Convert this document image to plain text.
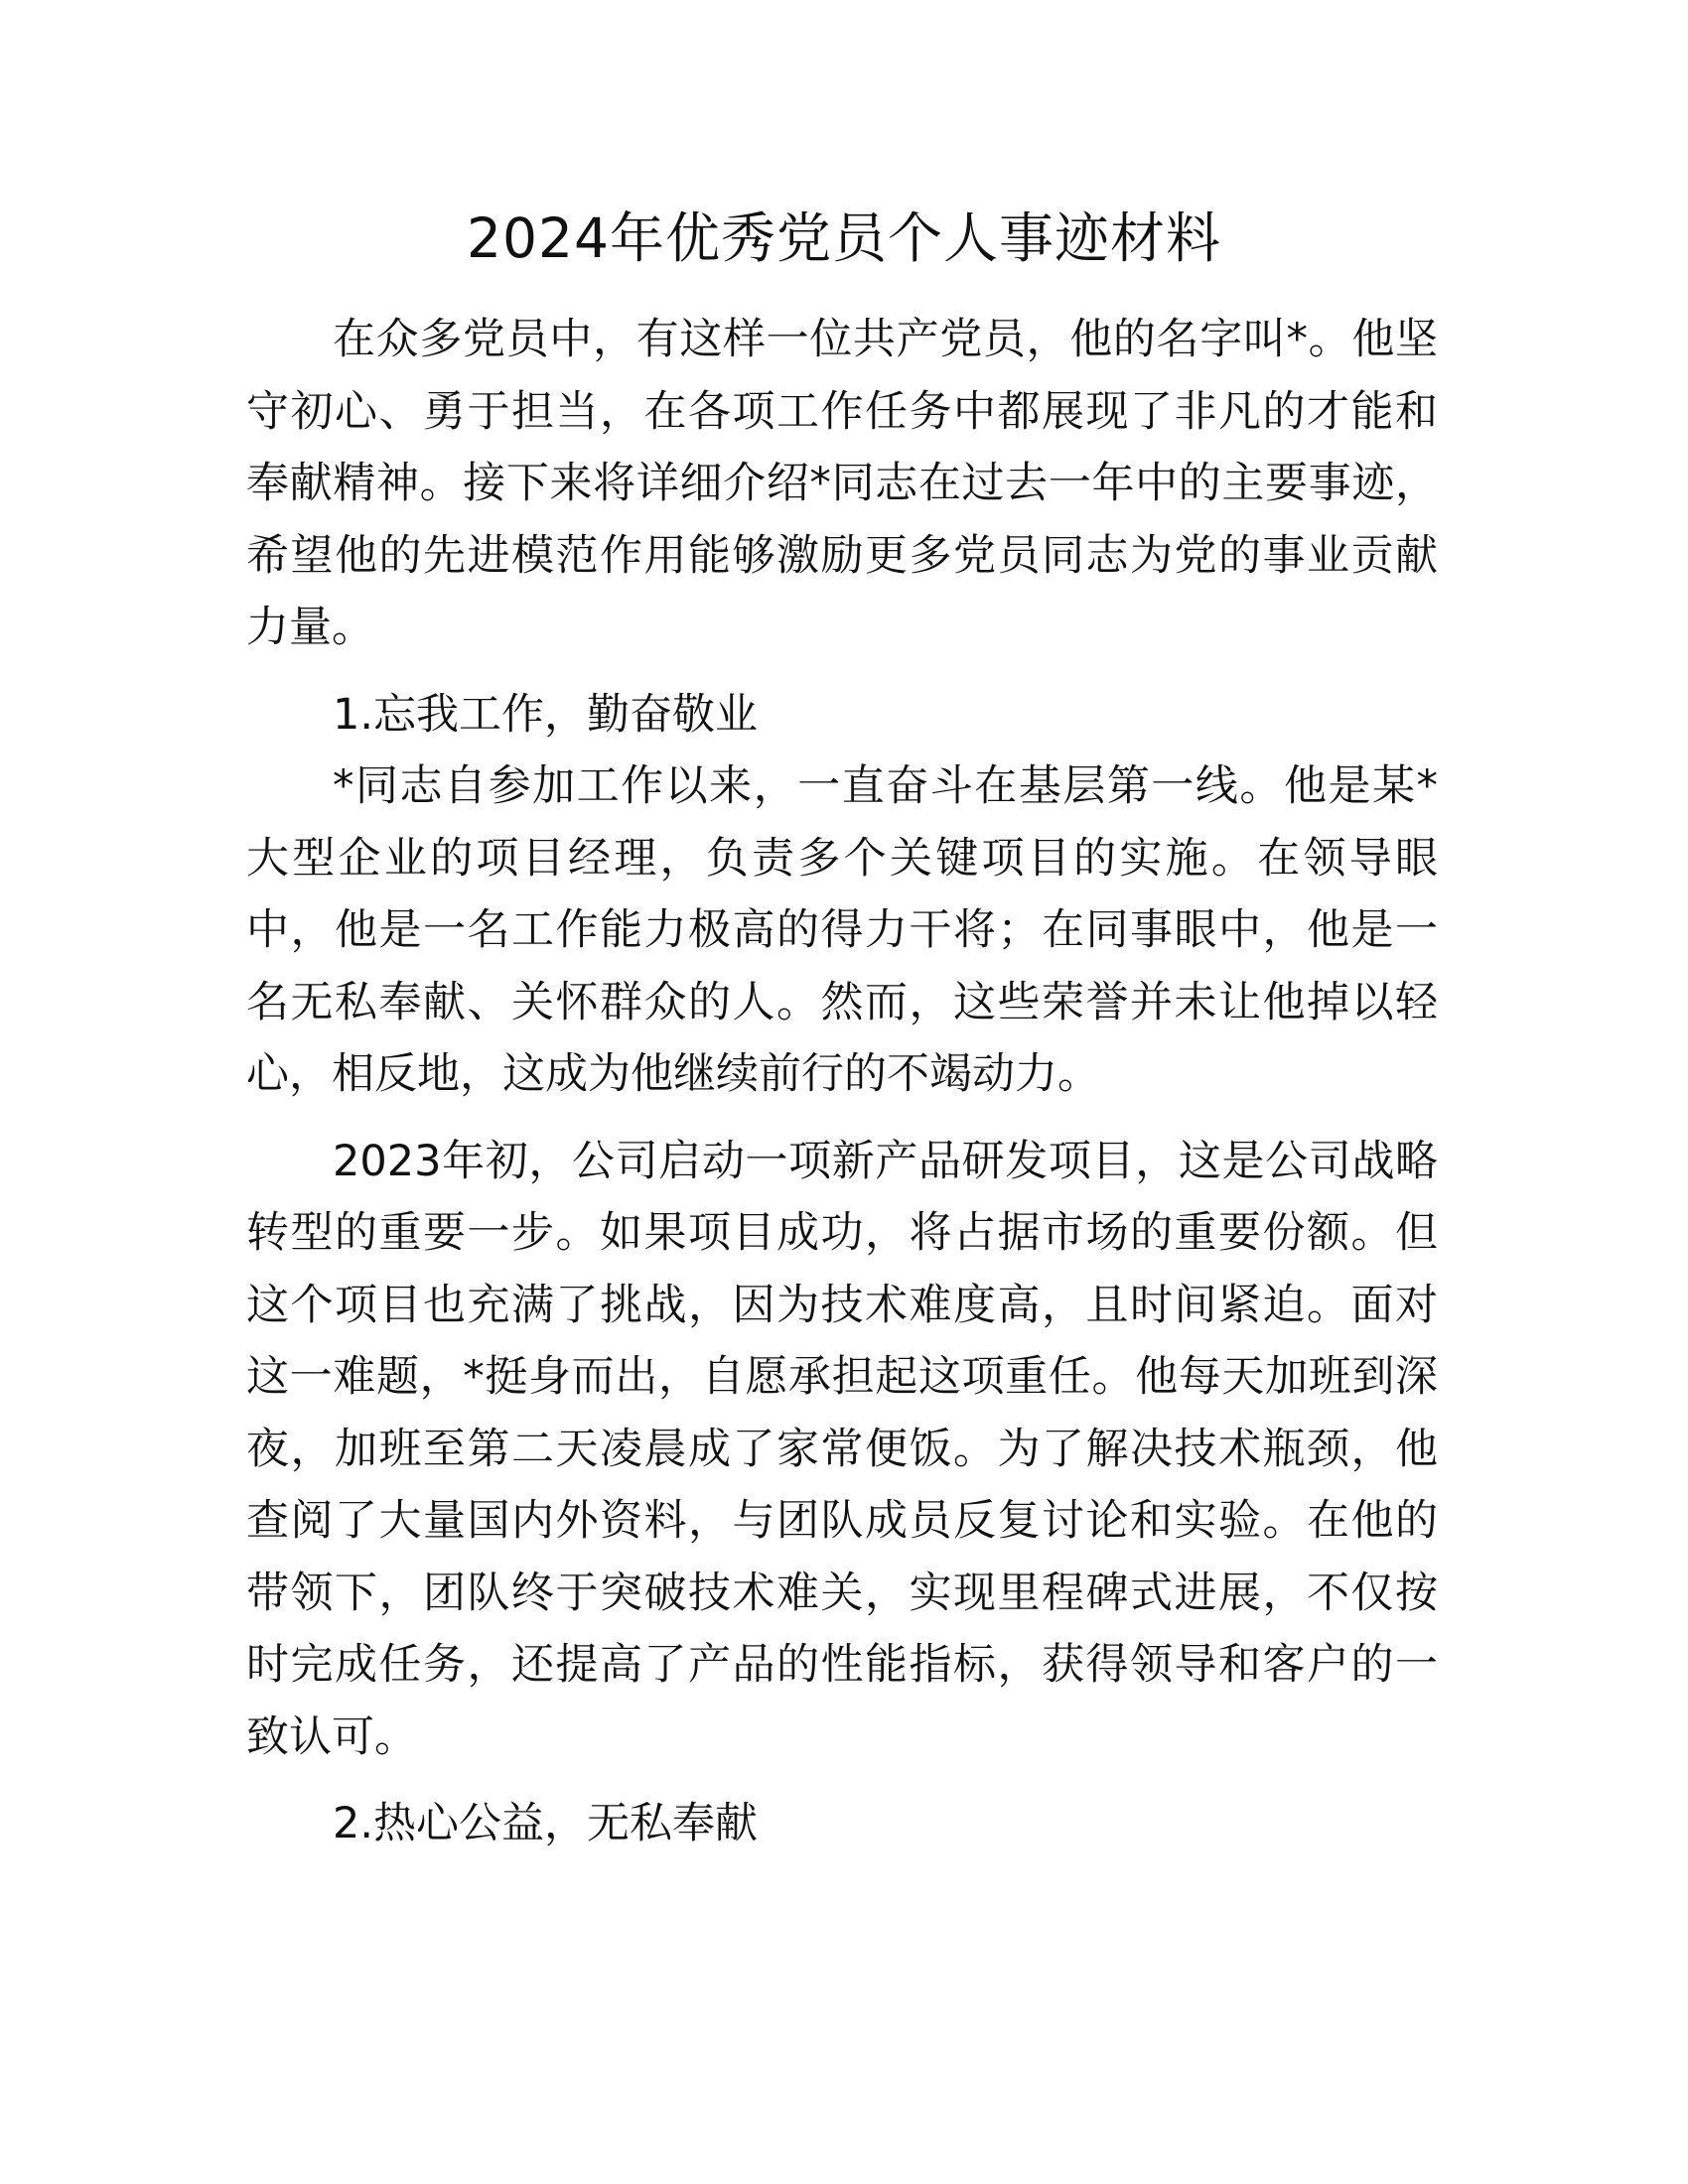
2024年优秀党员个人事迹材料

在众多党员中，有这样一位共产党员，他的名字叫*。他坚守初心、勇于担当，在各项工作任务中都展现了非凡的才能和奉献精神。接下来将详细介绍*同志在过去一年中的主要事迹，希望他的先进模范作用能够激励更多党员同志为党的事业贡献力量。

1.忘我工作，勤奋敬业

*同志自参加工作以来，一直奋斗在基层第一线。他是某*大型企业的项目经理，负责多个关键项目的实施。在领导眼中，他是一名工作能力极高的得力干将；在同事眼中，他是一名无私奉献、关怀群众的人。然而，这些荣誉并未让他掉以轻心，相反地，这成为他继续前行的不竭动力。

2023年初，公司启动一项新产品研发项目，这是公司战略转型的重要一步。如果项目成功，将占据市场的重要份额。但这个项目也充满了挑战，因为技术难度高，且时间紧迫。面对这一难题，*挺身而出，自愿承担起这项重任。他每天加班到深夜，加班至第二天凌晨成了家常便饭。为了解决技术瓶颈，他查阅了大量国内外资料，与团队成员反复讨论和实验。在他的带领下，团队终于突破技术难关，实现里程碑式进展，不仅按时完成任务，还提高了产品的性能指标，获得领导和客户的一致认可。

2.热心公益，无私奉献
